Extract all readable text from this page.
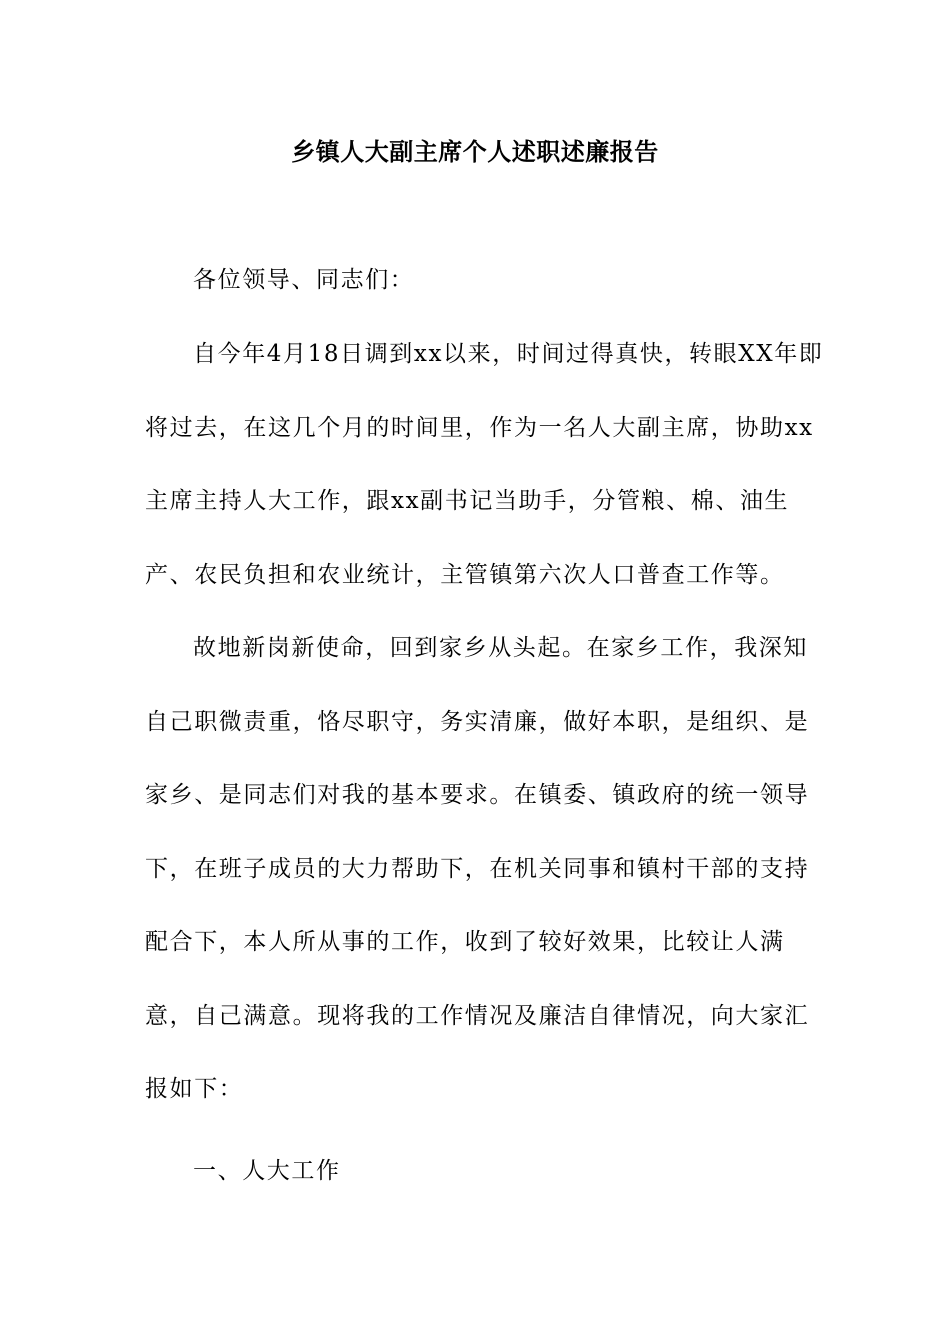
乡镇人大副主席个人述职述廉报告
各位领导、同志们：

自今年4月18日调到xx以来，时间过得真快，转眼XX年即将过去，在这几个月的时间里，作为一名人大副主席，协助xx主席主持人大工作，跟xx副书记当助手，分管粮、棉、油生产、农民负担和农业统计，主管镇第六次人口普查工作等。

故地新岗新使命，回到家乡从头起。在家乡工作，我深知自己职微责重，恪尽职守，务实清廉，做好本职，是组织、是家乡、是同志们对我的基本要求。在镇委、镇政府的统一领导下，在班子成员的大力帮助下，在机关同事和镇村干部的支持配合下，本人所从事的工作，收到了较好效果，比较让人满意，自己满意。现将我的工作情况及廉洁自律情况，向大家汇报如下：

一、人大工作
